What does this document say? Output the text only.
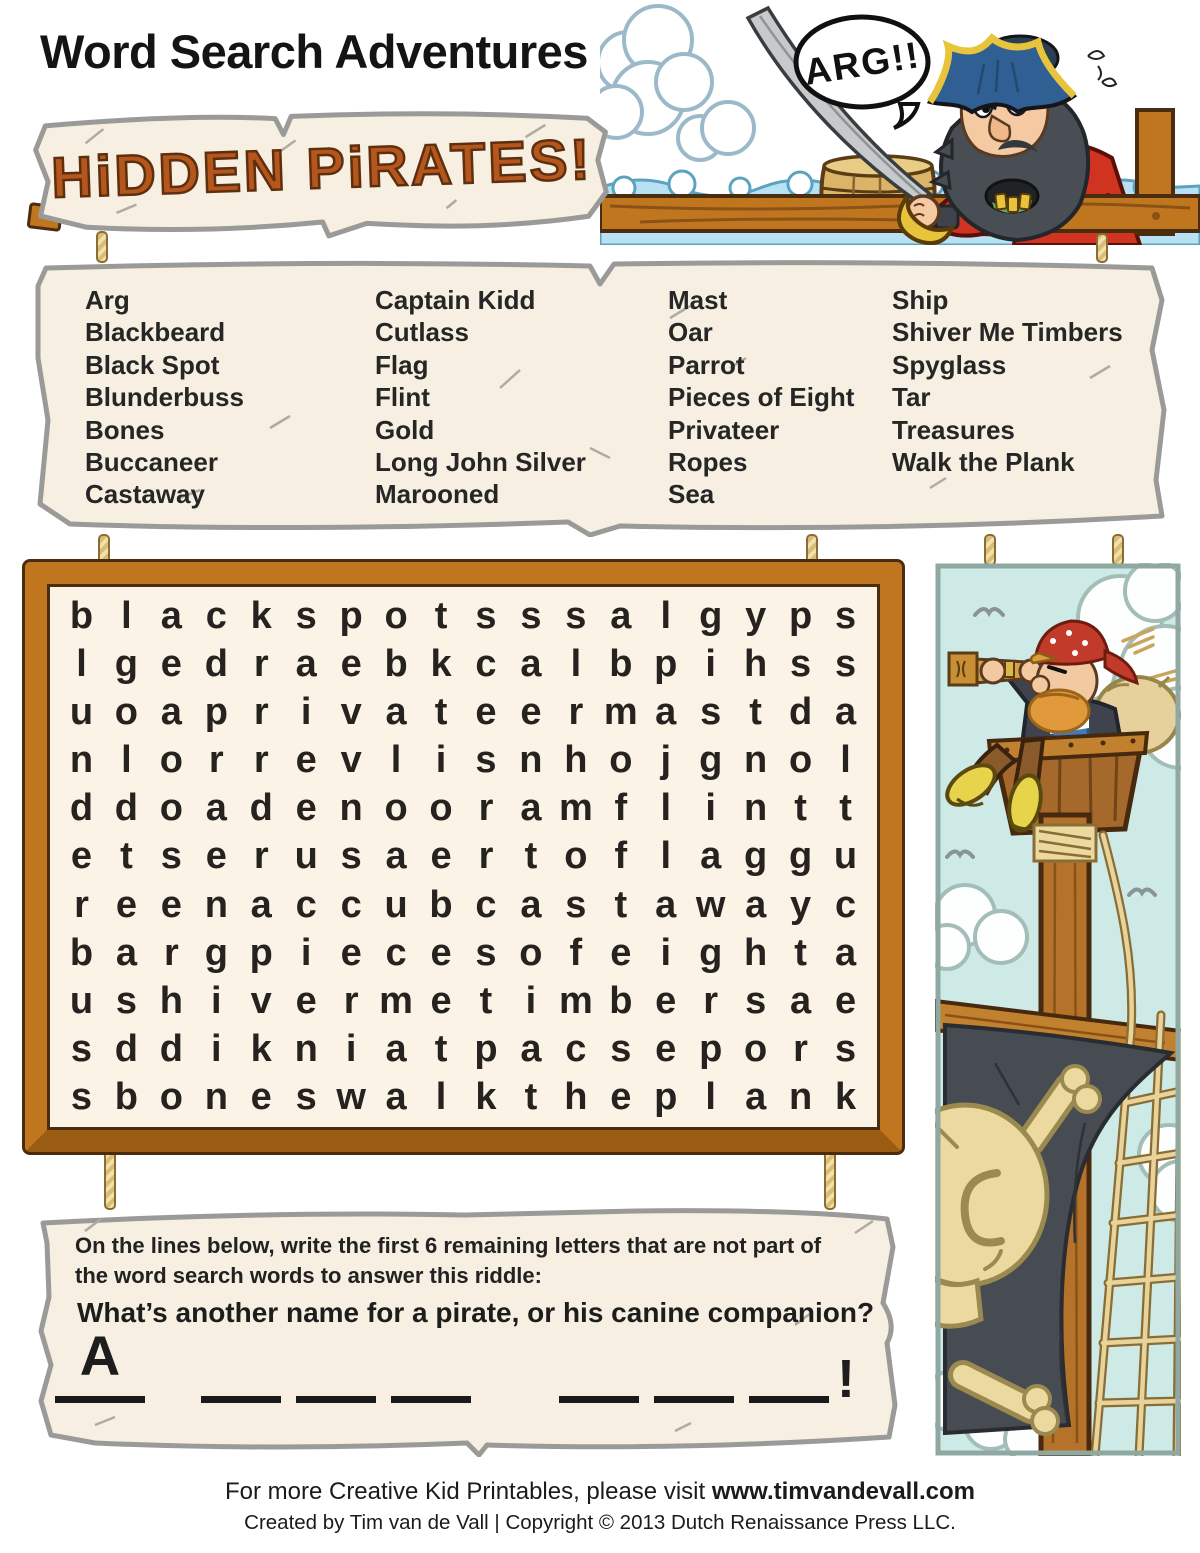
Word Search Adventures	ARG!!
HiDDEN PiRATES!
Arg
Blackbeard
Black Spot
Blunderbuss
Bones
Buccaneer
Castaway
Captain Kidd
Cutlass
Flag
Flint
Gold
Long John Silver
Marooned
Mast
Oar
Parrot
Pieces of Eight
Privateer
Ropes
Sea
Ship
Shiver Me Timbers
Spyglass
Tar
Treasures
Walk the Plank
b l a c k s p o t s s s a l g y p s
l g e d r a e b k c a l b p i h s s
u o a p r i v a t e e r m a s t d a
n l o r r e v l i s n h o j g n o l
d d o a d e n o o r a m f l i n t t
e t s e r u s a e r t o f l a g g u
r e e n a c c u b c a s t a w a y c
b a r g p i e c e s o f e i g h t a
u s h i v e r m e t i m b e r s a e
s d d i k n i a t p a c s e p o r s
s b o n e s w a l k t h e p l a n k

On the lines below, write the first 6 remaining letters that are not part of the word search words to answer this riddle:

What’s another name for a pirate, or his canine companion?

A	!
For more Creative Kid Printables, please visit www.timvandevall.com
Created by Tim van de Vall | Copyright © 2013 Dutch Renaissance Press LLC.
